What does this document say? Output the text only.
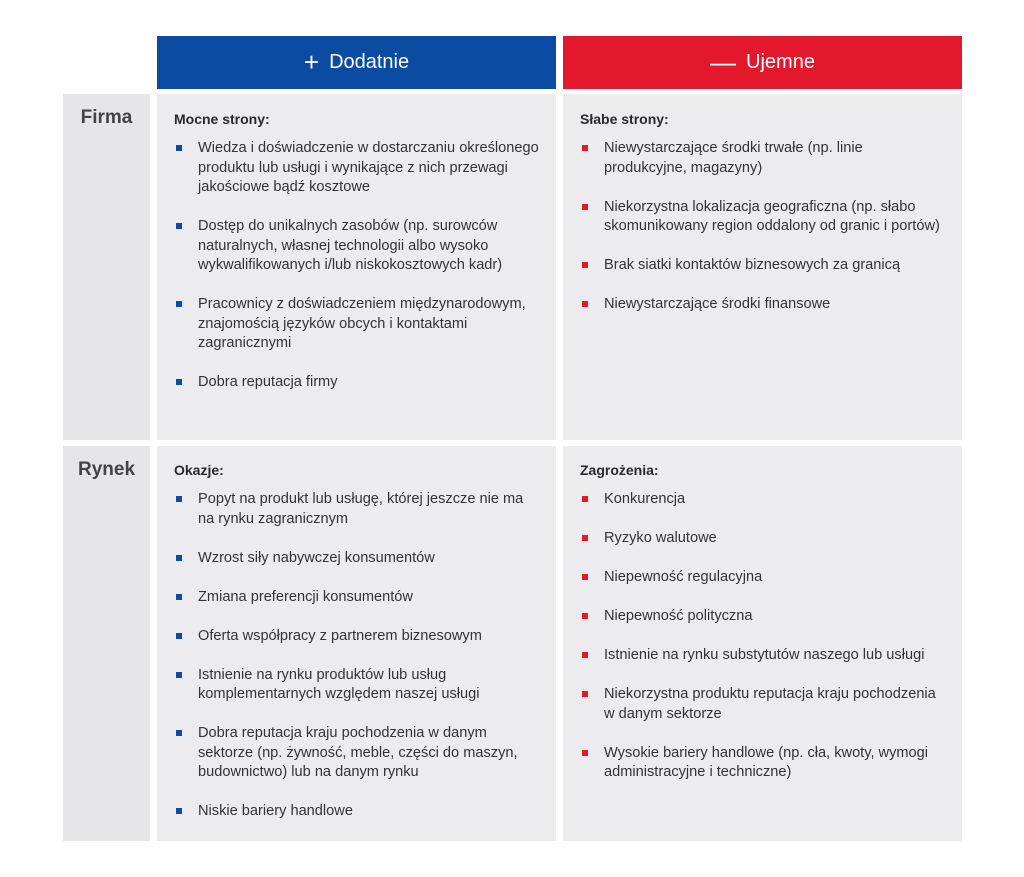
+ Dodatnie	— Ujemne
Firma
Rynek
Mocne strony:
Wiedza i doświadczenie w dostarczaniu określonego produktu lub usługi i wynikające z nich przewagi jakościowe bądź kosztowe
Dostęp do unikalnych zasobów (np. surowców naturalnych, własnej technologii albo wysoko wykwalifikowanych i/lub niskokosztowych kadr)
Pracownicy z doświadczeniem międzynarodowym, znajomością języków obcych i kontaktami zagranicznymi
Dobra reputacja firmy
Słabe strony:
Niewystarczające środki trwałe (np. linie produkcyjne, magazyny)
Niekorzystna lokalizacja geograficzna (np. słabo skomunikowany region oddalony od granic i portów)
Brak siatki kontaktów biznesowych za granicą
Niewystarczające środki finansowe
Okazje:
Popyt na produkt lub usługę, której jeszcze nie ma na rynku zagranicznym
Wzrost siły nabywczej konsumentów
Zmiana preferencji konsumentów
Oferta współpracy z partnerem biznesowym
Istnienie na rynku produktów lub usług komplementarnych względem naszej usługi
Dobra reputacja kraju pochodzenia w danym sektorze (np. żywność, meble, części do maszyn, budownictwo) lub na danym rynku
Niskie bariery handlowe
Zagrożenia:
Konkurencja
Ryzyko walutowe
Niepewność regulacyjna
Niepewność polityczna
Istnienie na rynku substytutów naszego lub usługi
Niekorzystna produktu reputacja kraju pochodzenia w danym sektorze
Wysokie bariery handlowe (np. cła, kwoty, wymogi administracyjne i techniczne)
